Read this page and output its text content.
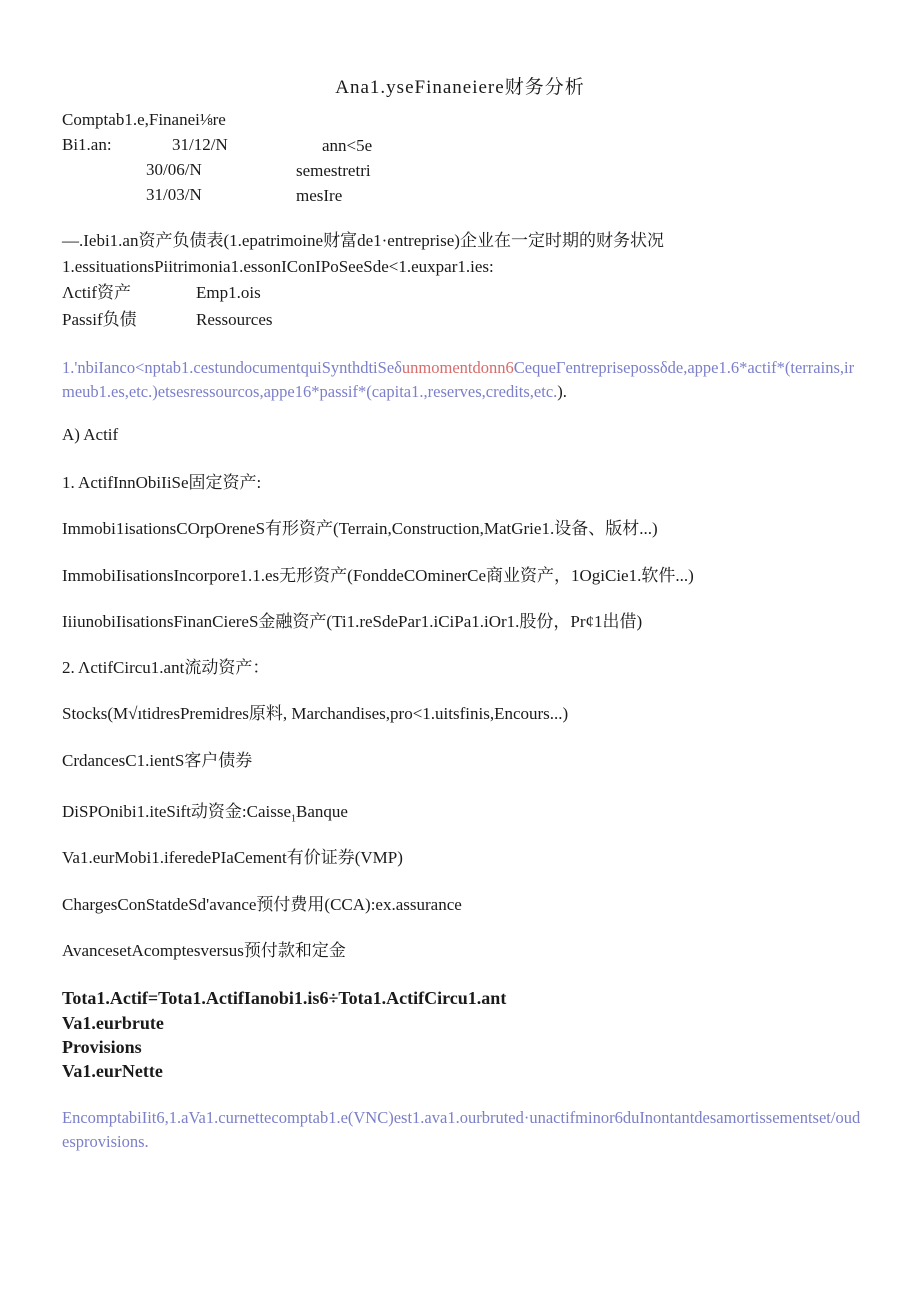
Ana1.yseFinaneiere财务分析
Comptab1.e,Finanei⅛re
Bi1.an:	31/12/N	ann<5e
30/06/N	semestretri
31/03/N	mesIre
—.Iebi1.an资产负债表(1.epatrimoine财富de1·entreprise)企业在一定时期的财务状况
1.essituationsPiitrimonia1.essonIConIPoSeeSde<1.euxpar1.ies:
Λctif资产	Emp1.ois
Passif负债	Ressources
1.'nbiIanco<nptab1.cestundocumentquiSynthdtiSeδunmomentdonn6CequeΓentreprisepossδde,appe1.6*actif*(terrains,irmeub1.es,etc.)etsesressourcos,appe16*passif*(capita1.,reserves,credits,etc.).
A) Actif
1. ActifInnObiIiSe固定资产:
Immobi1isationsCOrpOreneS有形资产(Terrain,Construction,MatGrie1.设备、版材...)
ImmobiIisationsIncorpore1.1.es无形资产(FonddeCOminerCe商业资产，1OgiCie1.软件...)
IiiunobiIisationsFinanCiereS金融资产(Ti1.reSdePar1.iCiPa1.iOr1.股份，Pr¢1出借)
2. ΛctifCircu1.ant流动资产：
Stocks(M√ıtidresPremidres原料, Marchandises,pro<1.uitsfinis,Encours...)
CrdancesC1.ientS客户债券
DiSPOnibi1.iteSift动资金:Caisse$_1$Banque
Va1.eurMobi1.iferedePIaCement有价证券(VMP)
ChargesConStatdeSd'avance预付费用(CCA):ex.assurance
AvancesetAcomptesversus预付款和定金
Tota1.Actif=Tota1.ActifIanobi1.is6÷Tota1.ActifCircu1.ant
Va1.eurbrute
Provisions
Va1.eurNette
EncomptabiIit6,1.aVa1.curnettecomptab1.e(VNC)est1.ava1.ourbruted·unactifminor6duInontantdesamortissementset/oudesprovisions.
